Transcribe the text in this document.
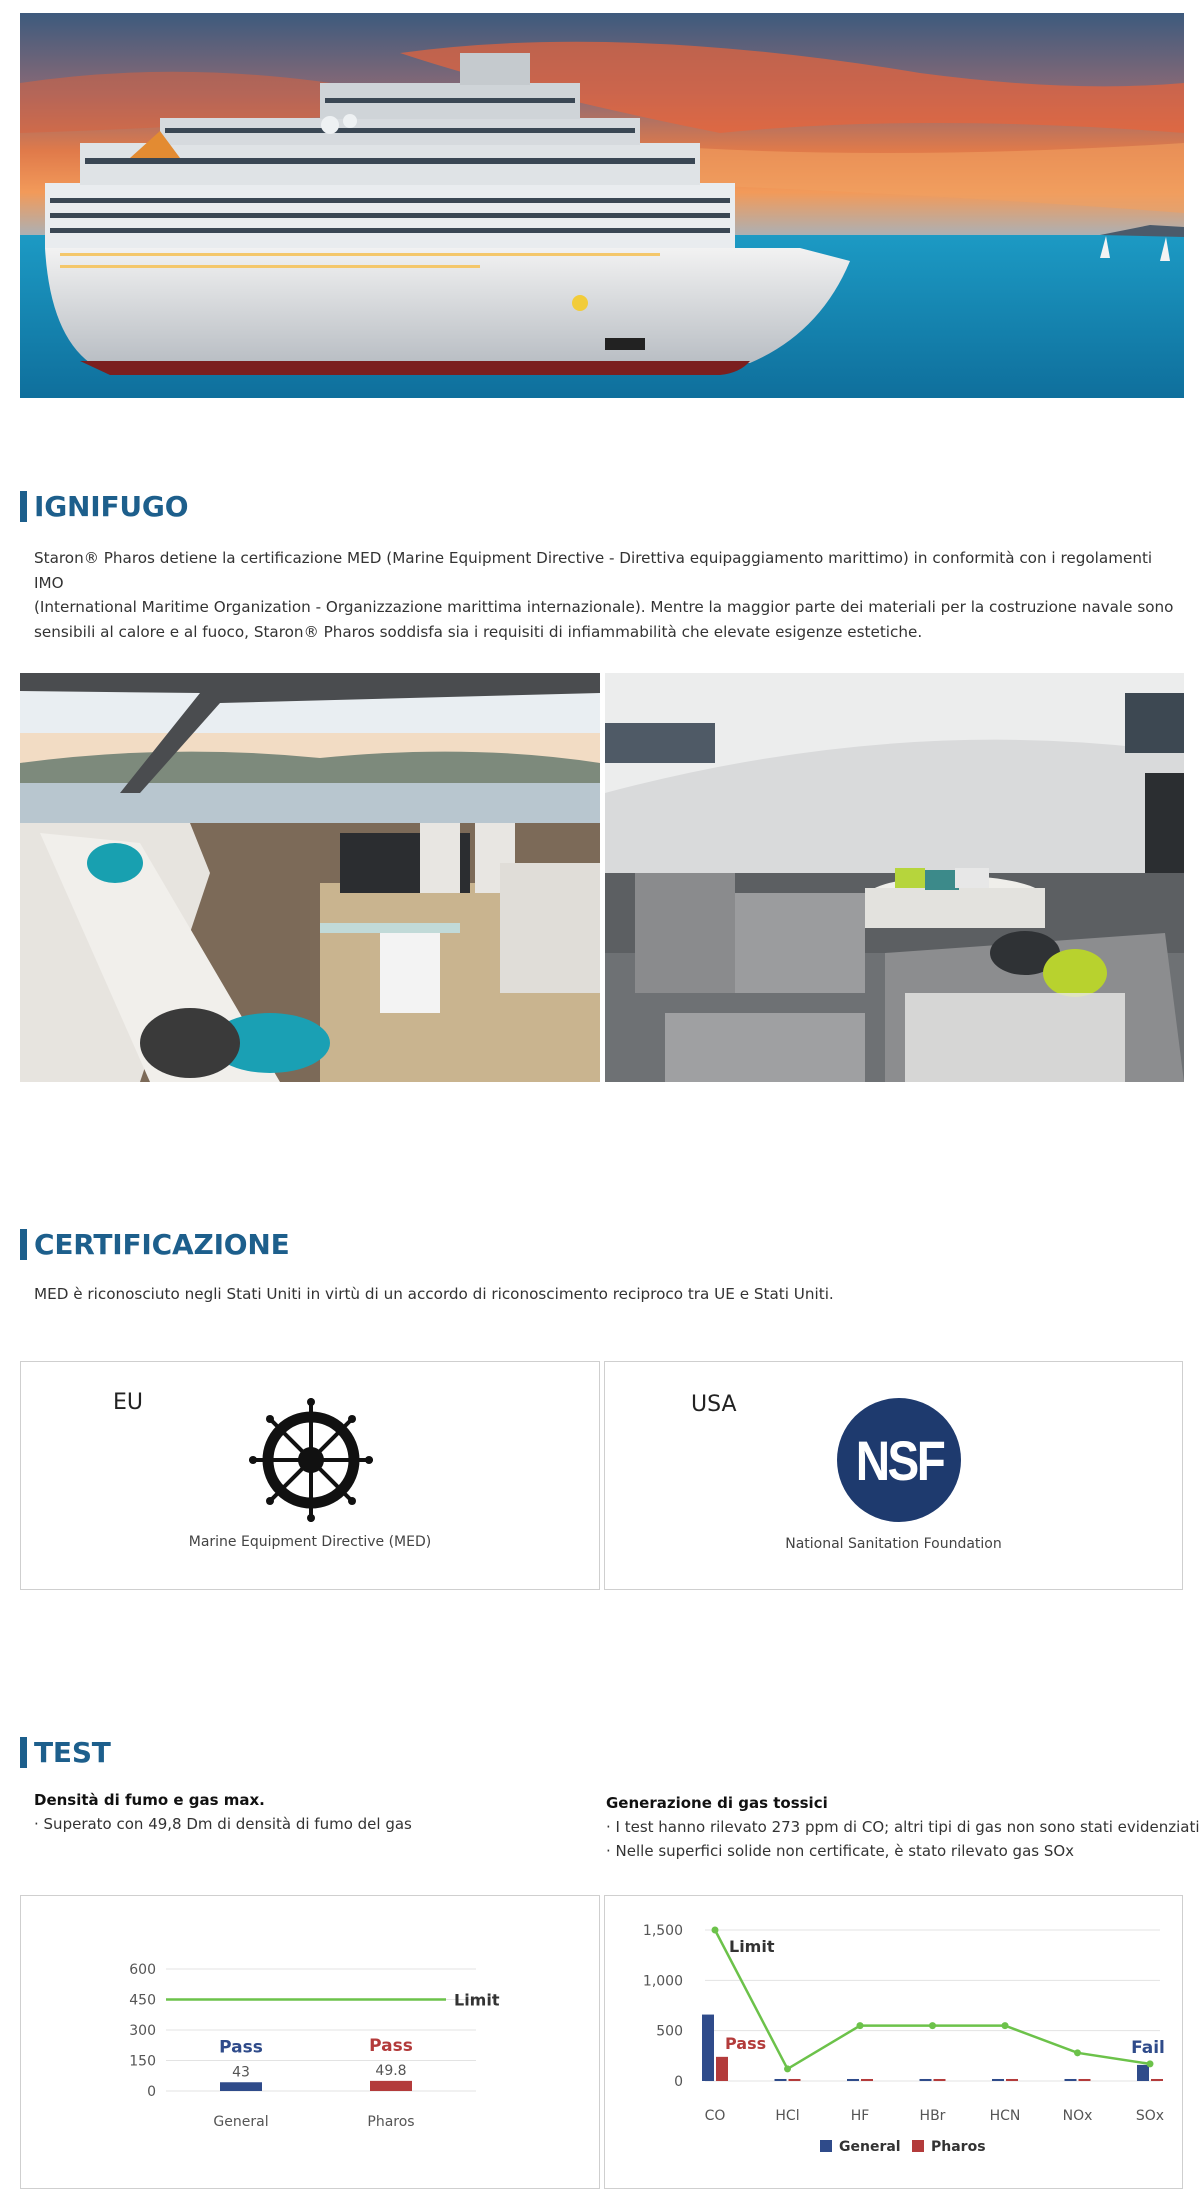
IGNIFUGO
Staron® Pharos detiene la certificazione MED (Marine Equipment Directive - Direttiva equipaggiamento marittimo) in conformità con i regolamenti IMO
(International Maritime Organization - Organizzazione marittima internazionale). Mentre la maggior parte dei materiali per la costruzione navale sono
sensibili al calore e al fuoco, Staron® Pharos soddisfa sia i requisiti di infiammabilità che elevate esigenze estetiche.
CERTIFICAZIONE
MED è riconosciuto negli Stati Uniti in virtù di un accordo di riconoscimento reciproco tra UE e Stati Uniti.
EU
Marine Equipment Directive (MED)
USA
NSF
National Sanitation Foundation
TEST
Densità di fumo e gas max.
· Superato con 49,8 Dm di densità di fumo del gas
Generazione di gas tossici
· I test hanno rilevato 273 ppm di CO; altri tipi di gas non sono stati evidenziati
· Nelle superfici solide non certificate, è stato rilevato gas SOx
0
150
300
450
600
Limit
43
Pass
General
49.8
Pass
Pharos
0
500
1,000
1,500
CO	HCl	HF	HBr	HCN	NOx	SOx
Limit
Pass	Fail
General Pharos
